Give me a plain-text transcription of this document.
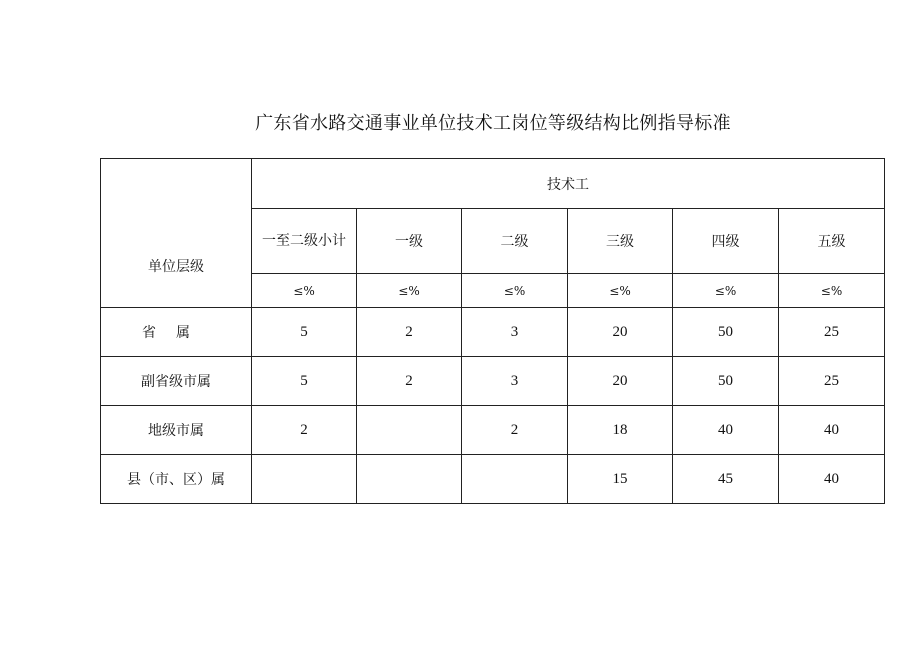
广东省水路交通事业单位技术工岗位等级结构比例指导标准
单位层级	技术工					
	一至二级小计	一级	二级	三级	四级	五级
	≤%	≤%	≤%	≤%	≤%	≤%
省属	5	2	3	20	50	25
副省级市属	5	2	3	20	50	25
地级市属	2		2	18	40	40
县（市、区）属				15	45	40
